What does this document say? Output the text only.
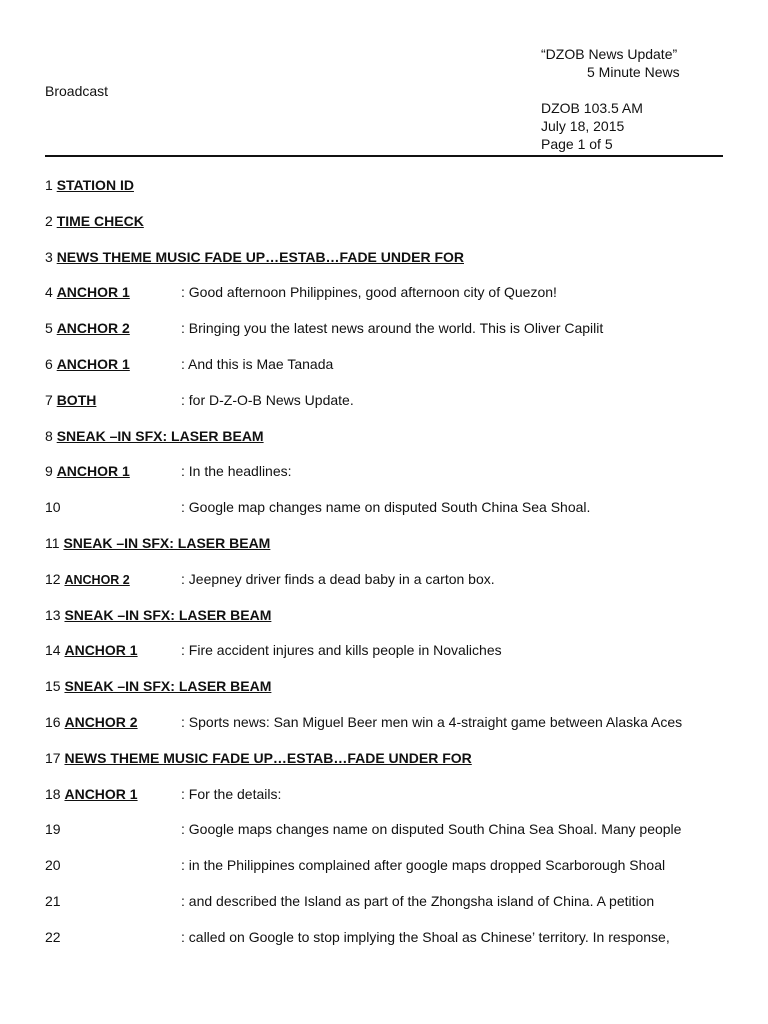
“DZOB News Update”
5 Minute News
DZOB 103.5 AM
July 18, 2015
Page 1 of 5
Broadcast
1 STATION ID
2 TIME CHECK
3 NEWS THEME MUSIC FADE UP…ESTAB…FADE UNDER FOR
4 ANCHOR 1	: Good afternoon Philippines, good afternoon city of Quezon!
5 ANCHOR 2	: Bringing you the latest news around the world. This is Oliver Capilit
6 ANCHOR 1	: And this is Mae Tanada
7 BOTH	: for D-Z-O-B News Update.
8 SNEAK –IN SFX: LASER BEAM
9 ANCHOR 1	: In the headlines:
10	: Google map changes name on disputed South China Sea Shoal.
11 SNEAK –IN SFX: LASER BEAM
12 ANCHOR 2	: Jeepney driver finds a dead baby in a carton box.
13 SNEAK –IN SFX: LASER BEAM
14 ANCHOR 1	: Fire accident injures and kills people in Novaliches
15 SNEAK –IN SFX: LASER BEAM
16 ANCHOR 2	: Sports news: San Miguel Beer men win a 4-straight game between Alaska Aces
17 NEWS THEME MUSIC FADE UP…ESTAB…FADE UNDER FOR
18 ANCHOR 1	: For the details:
19	: Google maps changes name on disputed South China Sea Shoal. Many people
20	: in the Philippines complained after google maps dropped Scarborough Shoal
21	: and described the Island as part of the Zhongsha island of China. A petition
22	: called on Google to stop implying the Shoal as Chinese’ territory. In response,
